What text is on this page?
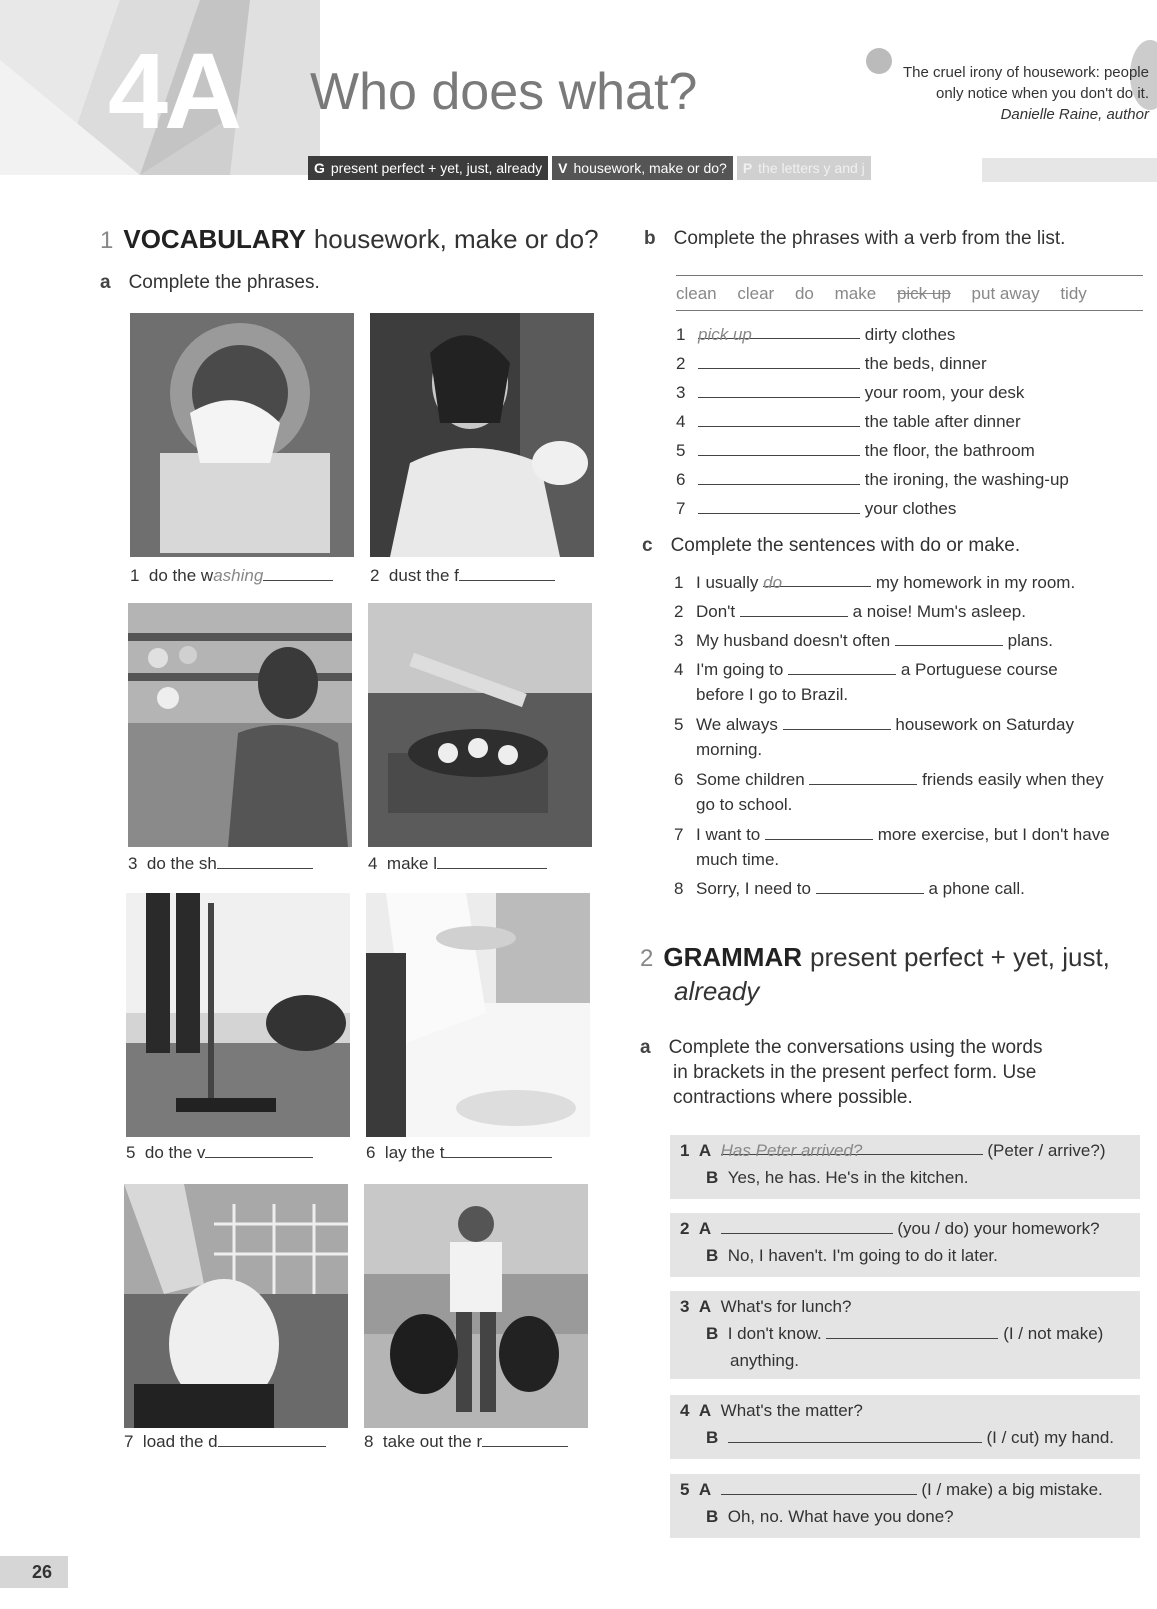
4A Who does what?	The cruel irony of housework: people
only notice when you don't do it.
Danielle Raine, author
G present perfect + yet, just, already	V housework, make or do?	P the letters y and j
1 VOCABULARY housework, make or do?
a Complete the phrases.
1 do the washing	2 dust the f
3 do the sh	4 make l
5 do the v	6 lay the t
7 load the d	8 take out the r
b Complete the phrases with a verb from the list.
clean clear do make pick up put away tidy
1 pick up	dirty clothes
2	the beds, dinner
3	your room, your desk
4	the table after dinner
5	the floor, the bathroom
6	the ironing, the washing-up
7	your clothes
c Complete the sentences with do or make.
1 I usually do	my homework in my room.
2 Don't	a noise! Mum's asleep.
3 My husband doesn't often	plans.
4 I'm going to	a Portuguese course
before I go to Brazil.
5 We always	housework on Saturday
morning.
6 Some children	friends easily when they
go to school.
7 I want to	more exercise, but I don't have
much time.
8 Sorry, I need to	a phone call.
2 GRAMMAR present perfect + yet, just,
already
a Complete the conversations using the words
in brackets in the present perfect form. Use
contractions where possible.
1 A Has Peter arrived?	(Peter / arrive?)
B Yes, he has. He's in the kitchen.
2 A	(you / do) your homework?
B No, I haven't. I'm going to do it later.
3 A What's for lunch?
B I don't know.	(I / not make)
anything.
4 A What's the matter?
B	(I / cut) my hand.
5 A	(I / make) a big mistake.
B Oh, no. What have you done?
26
